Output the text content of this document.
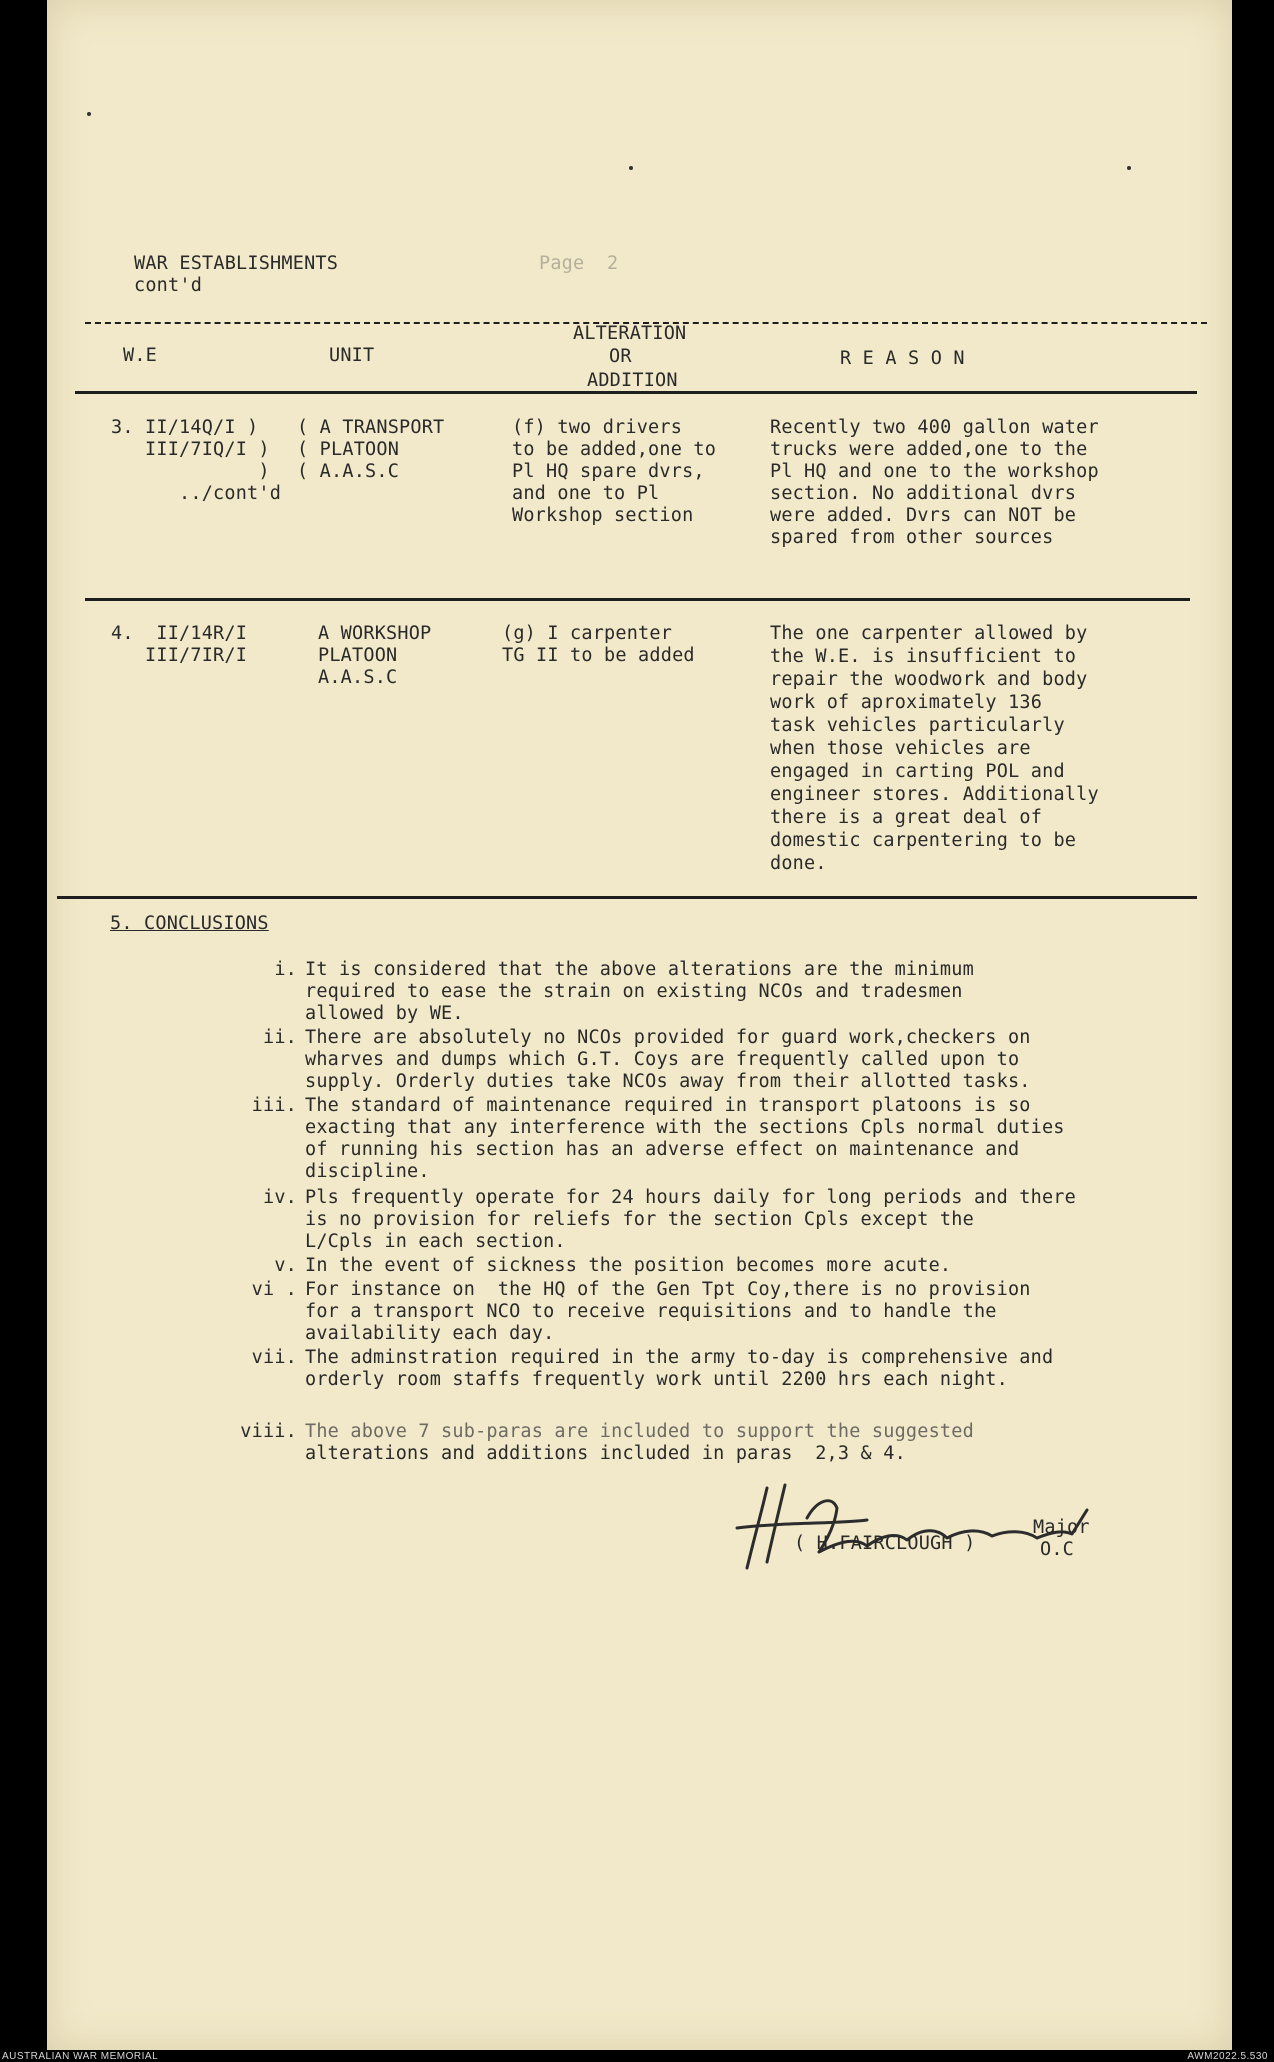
WAR ESTABLISHMENTS
cont'd
Page  2
W.E	UNIT
ALTERATION
OR
ADDITION
R E A S O N
3. II/14Q/I )
III/7IQ/I )
)
../cont'd
( A TRANSPORT
( PLATOON
( A.A.S.C
(f) two drivers
to be added,one to
Pl HQ spare dvrs,
and one to Pl
Workshop section
Recently two 400 gallon water
trucks were added,one to the
Pl HQ and one to the workshop
section. No additional dvrs
were added. Dvrs can NOT be
spared from other sources
4.  II/14R/I
III/7IR/I
A WORKSHOP
PLATOON
A.A.S.C
(g) I carpenter
TG II to be added
The one carpenter allowed by
the W.E. is insufficient to
repair the woodwork and body
work of aproximately 136
task vehicles particularly
when those vehicles are
engaged in carting POL and
engineer stores. Additionally
there is a great deal of
domestic carpentering to be
done.
5. CONCLUSIONS
i. It is considered that the above alterations are the minimum
required to ease the strain on existing NCOs and tradesmen
allowed by WE.
ii. There are absolutely no NCOs provided for guard work,checkers on
wharves and dumps which G.T. Coys are frequently called upon to
supply. Orderly duties take NCOs away from their allotted tasks.
iii. The standard of maintenance required in transport platoons is so
exacting that any interference with the sections Cpls normal duties
of running his section has an adverse effect on maintenance and
discipline.
iv. Pls frequently operate for 24 hours daily for long periods and there
is no provision for reliefs for the section Cpls except the
L/Cpls in each section.
v. In the event of sickness the position becomes more acute.
vi . For instance on  the HQ of the Gen Tpt Coy,there is no provision
for a transport NCO to receive requisitions and to handle the
availability each day.
vii. The adminstration required in the army to-day is comprehensive and
orderly room staffs frequently work until 2200 hrs each night.
viii. The above 7 sub-paras are included to support the suggested
alterations and additions included in paras  2,3 & 4.
( H.FAIRCLOUGH )
Major
O.C
AUSTRALIAN WAR MEMORIAL	AWM2022.5.530
